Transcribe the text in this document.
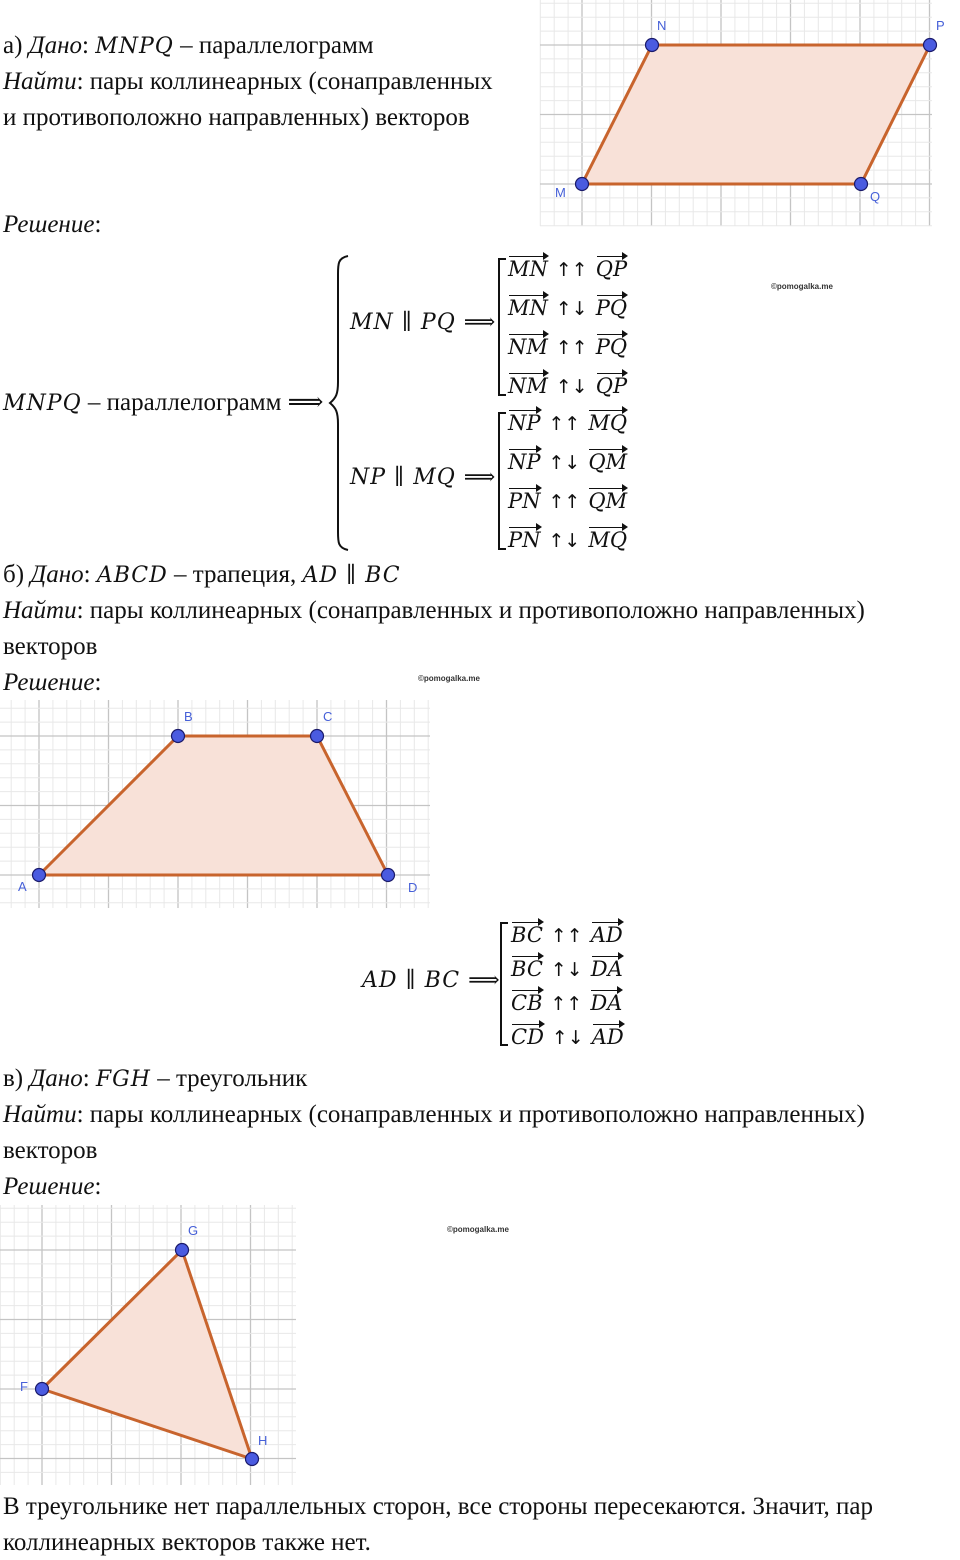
а) Дано: MNPQ – параллелограмм
Найти: пары коллинеарных (сонаправленных
и противоположно направленных) векторов
Решение:
M
N	P
Q
MNPQ – параллелограмм ⟹
MN ∥ PQ ⟹
NP ∥ MQ ⟹
MN ↑↑ QP
MN ↑↓ PQ
NM ↑↑ PQ
NM ↑↓ QP
NP ↑↑ MQ
NP ↑↓ QM
PN ↑↑ QM
PN ↑↓ MQ
©pomogalka.me
б) Дано: ABCD – трапеция, AD ∥ BC
Найти: пары коллинеарных (сонаправленных и противоположно направленных)
векторов
Решение:	©pomogalka.me
A
B	C
D
AD ∥ BC ⟹
BC ↑↑ AD
BC ↑↓ DA
CB ↑↑ DA
CD ↑↓ AD
в) Дано: FGH – треугольник
Найти: пары коллинеарных (сонаправленных и противоположно направленных)
векторов
Решение:
©pomogalka.me
F
G
H
В треугольнике нет параллельных сторон, все стороны пересекаются. Значит, пар
коллинеарных векторов также нет.
